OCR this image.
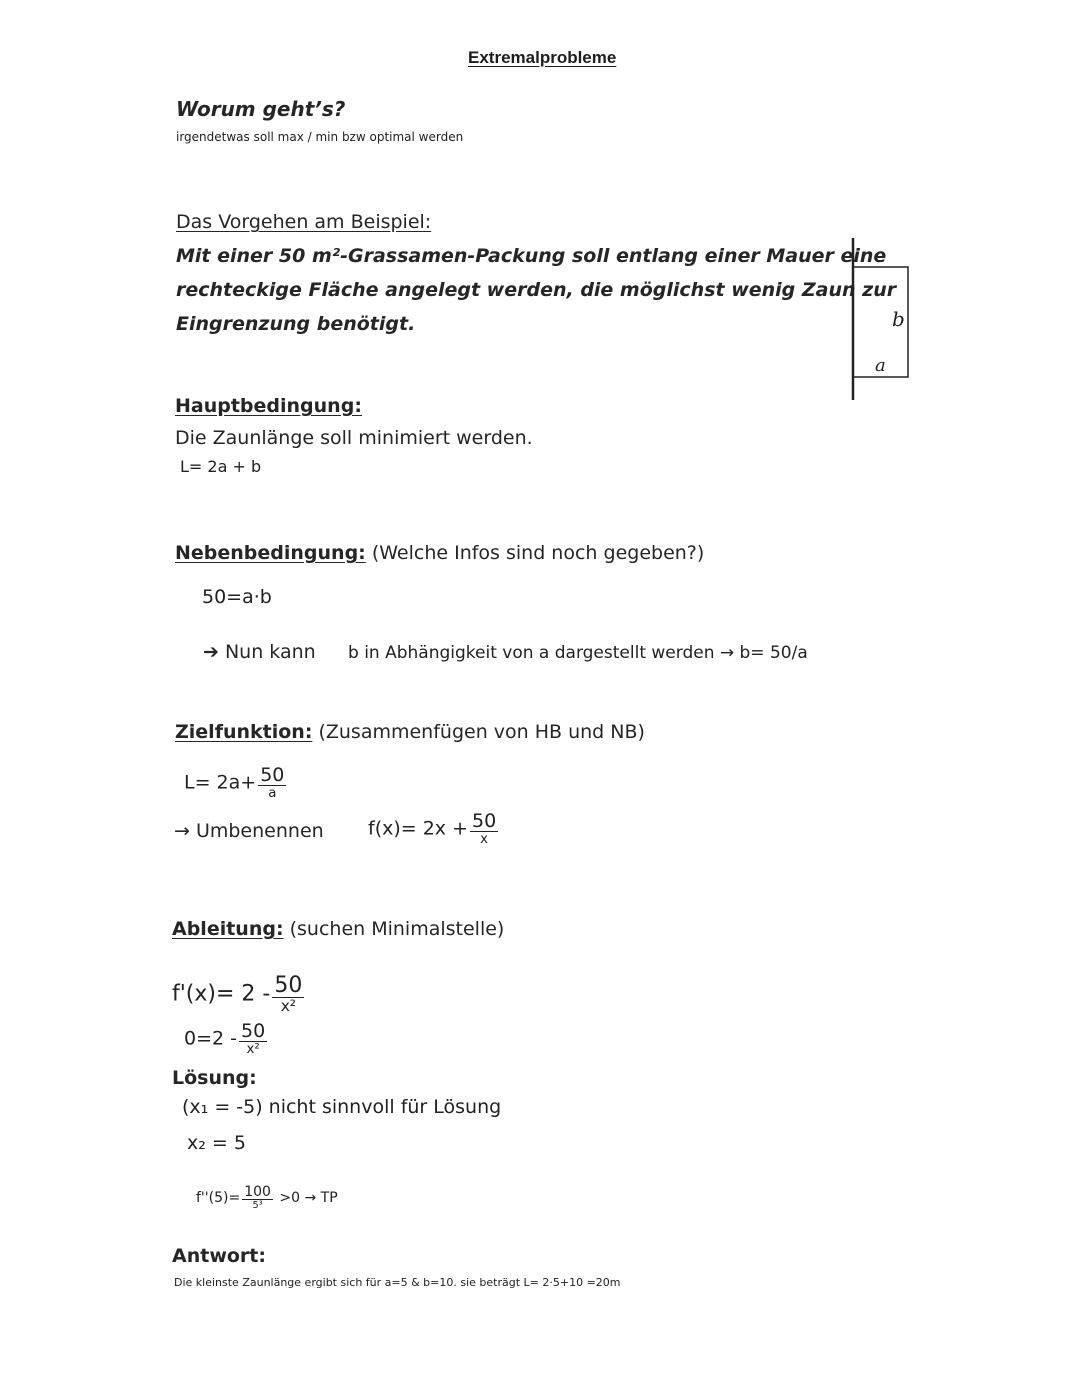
Extremalprobleme
Worum geht’s?
irgendetwas soll max / min bzw optimal werden
Das Vorgehen am Beispiel:
Mit einer 50 m²-Grassamen-Packung soll entlang einer Mauer eine
rechteckige Fläche angelegt werden, die möglichst wenig Zaun zur
Eingrenzung benötigt.	b
a
Hauptbedingung:
Die Zaunlänge soll minimiert werden.
L= 2a + b
Nebenbedingung: (Welche Infos sind noch gegeben?)
50=a·b
➔ Nun kann b in Abhängigkeit von a dargestellt werden → b= 50/a
Zielfunktion: (Zusammenfügen von HB und NB)
$L= 2a+ \frac{50}{a}$
→ Umbenennen $f(x)= 2x + \frac{50}{x}$
Ableitung: (suchen Minimalstelle)
$f'(x)= 2 - \frac{50}{\text{x²}}$
$0=2 - \frac{50}{\text{x²}}$
Lösung:
(x₁ = -5) nicht sinnvoll für Lösung
x₂ = 5
$f''(5)= \frac{100}{\text{5³}} >0$ → TP
Antwort:
Die kleinste Zaunlänge ergibt sich für a=5 & b=10. sie beträgt L= 2·5+10 =20m
